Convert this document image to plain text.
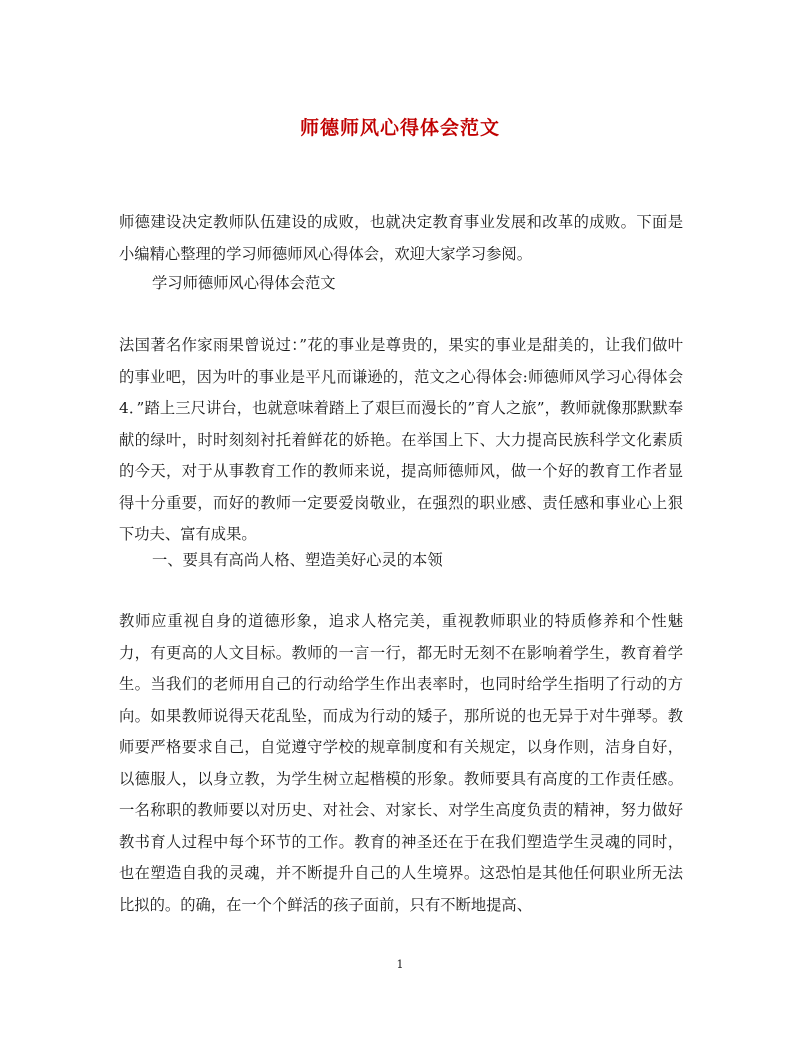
师德师风心得体会范文

师德建设决定教师队伍建设的成败，也就决定教育事业发展和改革的成败。下面是小编精心整理的学习师德师风心得体会，欢迎大家学习参阅。

学习师德师风心得体会范文

法国著名作家雨果曾说过：”花的事业是尊贵的，果实的事业是甜美的，让我们做叶的事业吧，因为叶的事业是平凡而谦逊的，范文之心得体会:师德师风学习心得体会4．”踏上三尺讲台，也就意味着踏上了艰巨而漫长的”育人之旅”，教师就像那默默奉献的绿叶，时时刻刻衬托着鲜花的娇艳。在举国上下、大力提高民族科学文化素质的今天，对于从事教育工作的教师来说，提高师德师风，做一个好的教育工作者显得十分重要，而好的教师一定要爱岗敬业，在强烈的职业感、责任感和事业心上狠下功夫、富有成果。

一、要具有高尚人格、塑造美好心灵的本领

教师应重视自身的道德形象，追求人格完美，重视教师职业的特质修养和个性魅力，有更高的人文目标。教师的一言一行，都无时无刻不在影响着学生，教育着学生。当我们的老师用自己的行动给学生作出表率时，也同时给学生指明了行动的方向。如果教师说得天花乱坠，而成为行动的矮子，那所说的也无异于对牛弹琴。教师要严格要求自己，自觉遵守学校的规章制度和有关规定，以身作则，洁身自好，以德服人，以身立教，为学生树立起楷模的形象。教师要具有高度的工作责任感。一名称职的教师要以对历史、对社会、对家长、对学生高度负责的精神，努力做好教书育人过程中每个环节的工作。教育的神圣还在于在我们塑造学生灵魂的同时，也在塑造自我的灵魂，并不断提升自己的人生境界。这恐怕是其他任何职业所无法比拟的。的确，在一个个鲜活的孩子面前，只有不断地提高、

1
